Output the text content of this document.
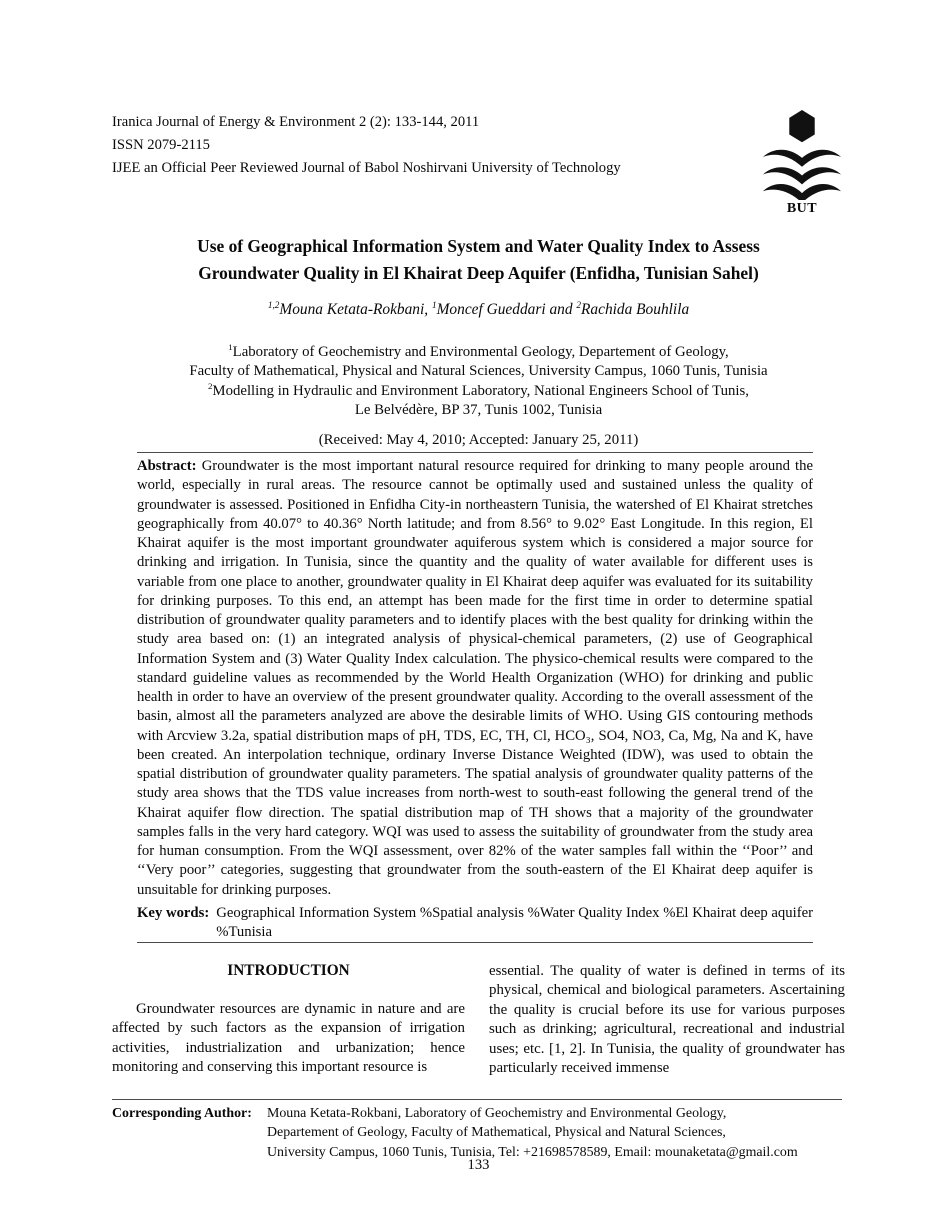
Iranica Journal of Energy & Environment 2 (2): 133-144, 2011
ISSN 2079-2115
IJEE an Official Peer Reviewed Journal of Babol Noshirvani University of Technology
BUT
Use of Geographical Information System and Water Quality Index to Assess
Groundwater Quality in El Khairat Deep Aquifer (Enfidha, Tunisian Sahel)
$^{1,2}$Mouna Ketata-Rokbani, $^1$Moncef Gueddari and $^2$Rachida Bouhlila
$^1$Laboratory of Geochemistry and Environmental Geology, Departement of Geology,
Faculty of Mathematical, Physical and Natural Sciences, University Campus, 1060 Tunis, Tunisia
$^2$Modelling in Hydraulic and Environment Laboratory, National Engineers School of Tunis,
Le Belvédère, BP 37, Tunis 1002, Tunisia
(Received: May 4, 2010; Accepted: January 25, 2011)
Abstract: Groundwater is the most important natural resource required for drinking to many people around the world, especially in rural areas. The resource cannot be optimally used and sustained unless the quality of groundwater is assessed. Positioned in Enfidha City-in northeastern Tunisia, the watershed of El Khairat stretches geographically from 40.07° to 40.36° North latitude; and from 8.56° to 9.02° East Longitude. In this region, El Khairat aquifer is the most important groundwater aquiferous system which is considered a major source for drinking and irrigation. In Tunisia, since the quantity and the quality of water available for different uses is variable from one place to another, groundwater quality in El Khairat deep aquifer was evaluated for its suitability for drinking purposes. To this end, an attempt has been made for the first time in order to determine spatial distribution of groundwater quality parameters and to identify places with the best quality for drinking within the study area based on: (1) an integrated analysis of physical-chemical parameters, (2) use of Geographical Information System and (3) Water Quality Index calculation. The physico-chemical results were compared to the standard guideline values as recommended by the World Health Organization (WHO) for drinking and public health in order to have an overview of the present groundwater quality. According to the overall assessment of the basin, almost all the parameters analyzed are above the desirable limits of WHO. Using GIS contouring methods with Arcview 3.2a, spatial distribution maps of pH, TDS, EC, TH, Cl, HCO₃, SO4, NO3, Ca, Mg, Na and K, have been created. An interpolation technique, ordinary Inverse Distance Weighted (IDW), was used to obtain the spatial distribution of groundwater quality parameters. The spatial analysis of groundwater quality patterns of the study area shows that the TDS value increases from north-west to south-east following the general trend of the Khairat aquifer flow direction. The spatial distribution map of TH shows that a majority of the groundwater samples falls in the very hard category. WQI was used to assess the suitability of groundwater from the study area for human consumption. From the WQI assessment, over 82% of the water samples fall within the ‘‘Poor’’ and ‘‘Very poor’’ categories, suggesting that groundwater from the south-eastern of the El Khairat deep aquifer is unsuitable for drinking purposes.
Key words: Geographical Information System %Spatial analysis %Water Quality Index %El Khairat deep aquifer %Tunisia
INTRODUCTION

Groundwater resources are dynamic in nature and are affected by such factors as the expansion of irrigation activities, industrialization and urbanization; hence monitoring and conserving this important resource is

essential. The quality of water is defined in terms of its physical, chemical and biological parameters. Ascertaining the quality is crucial before its use for various purposes such as drinking; agricultural, recreational and industrial uses; etc. [1, 2]. In Tunisia, the quality of groundwater has particularly received immense

Corresponding Author:	Mouna Ketata-Rokbani, Laboratory of Geochemistry and Environmental Geology,
Departement of Geology, Faculty of Mathematical, Physical and Natural Sciences,
University Campus, 1060 Tunis, Tunisia, Tel: +21698578589, Email: mounaketata@gmail.com
133
